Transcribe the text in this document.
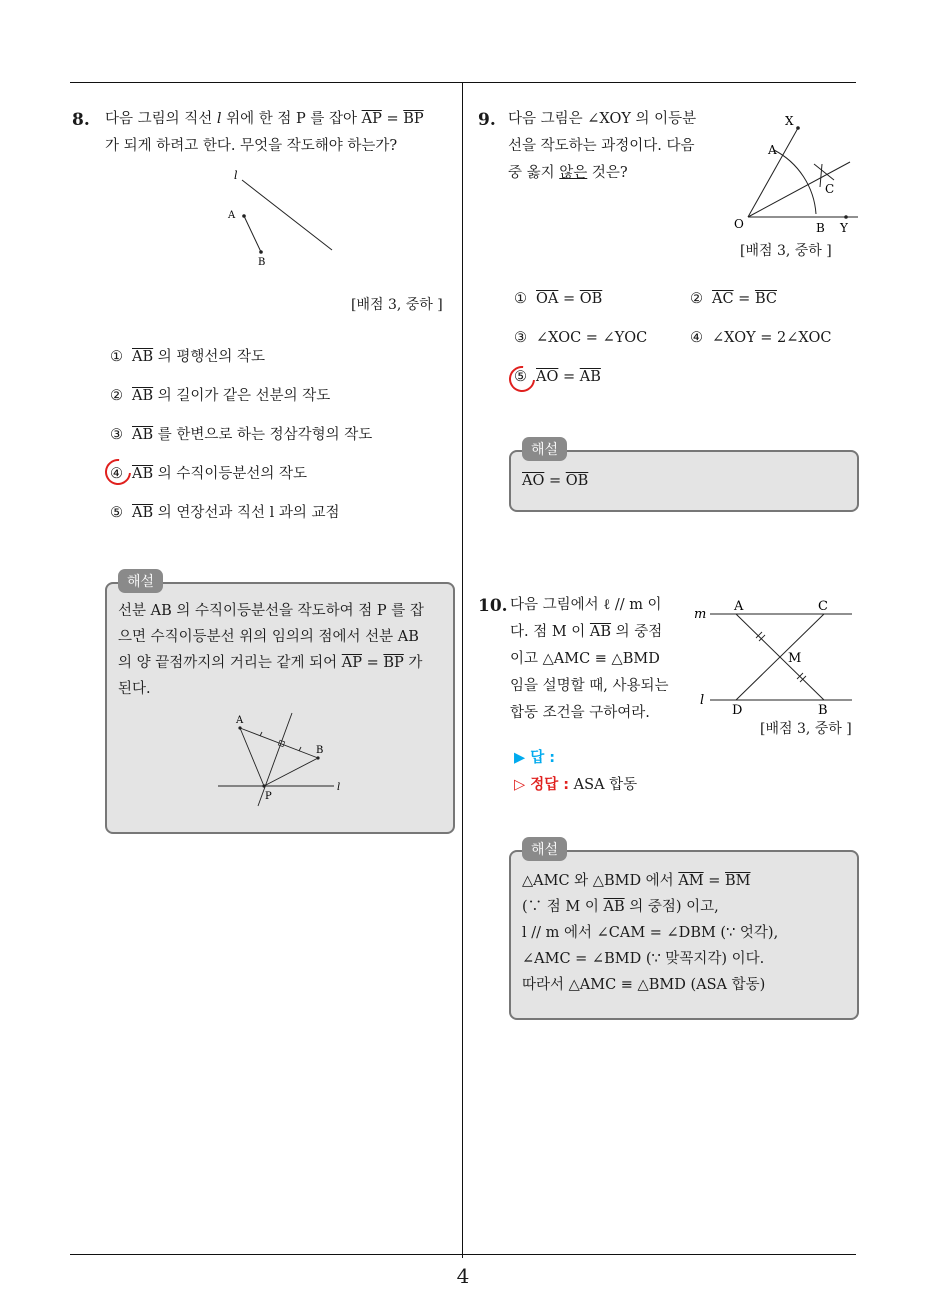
4
8. 다음 그림의 직선 l 위에 한 점 P 를 잡아 $\overline{AP} = \overline{BP}$
가 되게 하려고 한다. 무엇을 작도해야 하는가?
l
A
B
[배점 3, 중하 ]
① $\overline{AB}$ 의 평행선의 작도
② $\overline{AB}$ 의 길이가 같은 선분의 작도
③ $\overline{AB}$ 를 한변으로 하는 정삼각형의 작도
④ $\overline{AB}$ 의 수직이등분선의 작도
⑤ $\overline{AB}$ 의 연장선과 직선 l 과의 교점
해설
선분 AB 의 수직이등분선을 작도하여 점 P 를 잡
으면 수직이등분선 위의 임의의 점에서 선분 AB
의 양 끝점까지의 거리는 같게 되어 $\overline{AP} = \overline{BP}$ 가
된다.
A
B
P
l
9. 다음 그림은 ∠XOY 의 이등분
선을 작도하는 과정이다. 다음
중 옳지 않은 것은?
X
A
C
O	B Y
[배점 3, 중하 ]
① $\overline{OA} = \overline{OB}$	② $\overline{AC} = \overline{BC}$
③ ∠XOC = ∠YOC	④ ∠XOY = 2∠XOC
⑤ $\overline{AO} = \overline{AB}$
해설
$\overline{AO} = \overline{OB}$
10. 다음 그림에서 ℓ // m 이
다. 점 M 이 $\overline{AB}$ 의 중점
이고 △AMC ≡ △BMD
임을 설명할 때, 사용되는
합동 조건을 구하여라.
m
A	C
M
l
D	B
[배점 3, 중하 ]
▶ 답 :
▷ 정답 : ASA 합동
해설
△AMC 와 △BMD 에서 $\overline{AM} = \overline{BM}$
(∵ 점 M 이 $\overline{AB}$ 의 중점) 이고,
l // m 에서 ∠CAM = ∠DBM (∵ 엇각),
∠AMC = ∠BMD (∵ 맞꼭지각) 이다.
따라서 △AMC ≡ △BMD (ASA 합동)
